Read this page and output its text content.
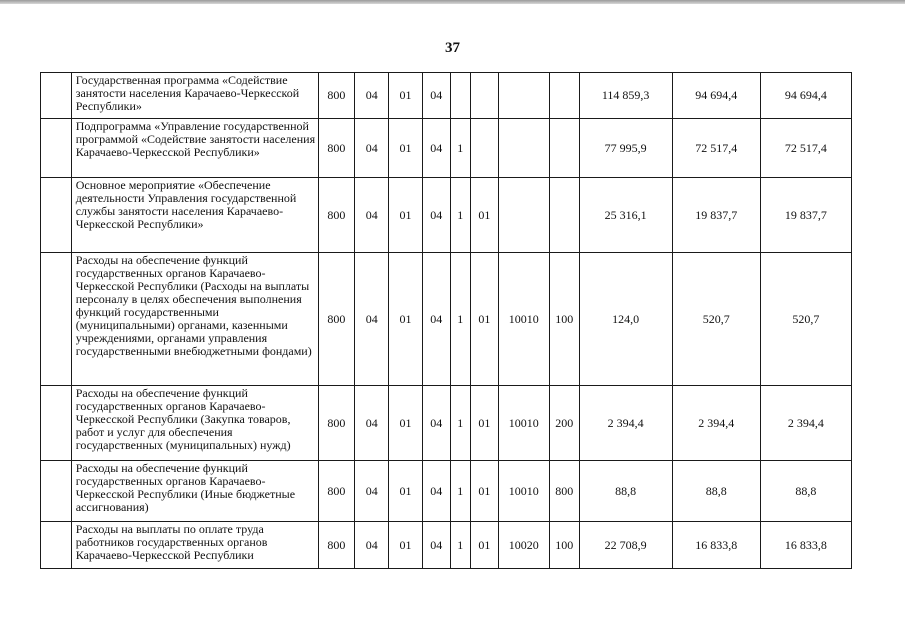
37
	Государственная программа «Содействие занятости населения Карачаево-Черкесской Республики»	800	04	01	04					114 859,3	94 694,4	94 694,4
	Подпрограмма «Управление государственной программой «Содействие занятости населения Карачаево-Черкесской Республики»	800	04	01	04	1				77 995,9	72 517,4	72 517,4
	Основное мероприятие «Обеспечение деятельности Управления государственной службы занятости населения Карачаево-Черкесской Республики»	800	04	01	04	1	01			25 316,1	19 837,7	19 837,7
	Расходы на обеспечение функций государственных органов Карачаево-Черкесской Республики (Расходы на выплаты персоналу в целях обеспечения выполнения функций государственными (муниципальными) органами, казенными учреждениями, органами управления государственными внебюджетными фондами)	800	04	01	04	1	01	10010	100	124,0	520,7	520,7
	Расходы на обеспечение функций государственных органов Карачаево-Черкесской Республики (Закупка товаров, работ и услуг для обеспечения государственных (муниципальных) нужд)	800	04	01	04	1	01	10010	200	2 394,4	2 394,4	2 394,4
	Расходы на обеспечение функций государственных органов Карачаево-Черкесской Республики (Иные бюджетные ассигнования)	800	04	01	04	1	01	10010	800	88,8	88,8	88,8
	Расходы на выплаты по оплате труда работников государственных органов Карачаево-Черкесской Республики	800	04	01	04	1	01	10020	100	22 708,9	16 833,8	16 833,8
